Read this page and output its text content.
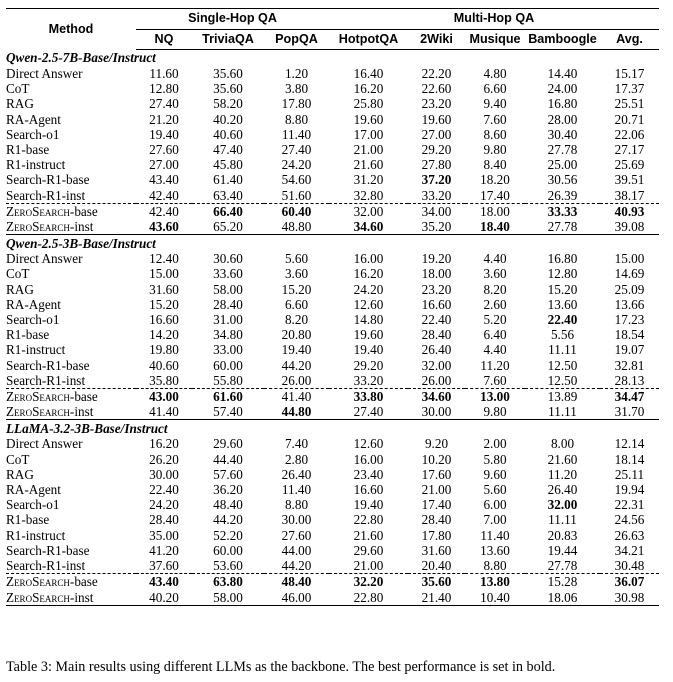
Method	Single-Hop QA			Multi-Hop QA				
	NQ	TriviaQA	PopQA	HotpotQA	2Wiki	Musique	Bamboogle	Avg.
Qwen-2.5-7B-Base/Instruct								
Direct Answer	11.60	35.60	1.20	16.40	22.20	4.80	14.40	15.17
CoT	12.80	35.60	3.80	16.20	22.60	6.60	24.00	17.37
RAG	27.40	58.20	17.80	25.80	23.20	9.40	16.80	25.51
RA-Agent	21.20	40.20	8.80	19.60	19.60	7.60	28.00	20.71
Search-o1	19.40	40.60	11.40	17.00	27.00	8.60	30.40	22.06
R1-base	27.60	47.40	27.40	21.00	29.20	9.80	27.78	27.17
R1-instruct	27.00	45.80	24.20	21.60	27.80	8.40	25.00	25.69
Search-R1-base	43.40	61.40	54.60	31.20	37.20	18.20	30.56	39.51
Search-R1-inst	42.40	63.40	51.60	32.80	33.20	17.40	26.39	38.17
ZeroSearch-base	42.40	66.40	60.40	32.00	34.00	18.00	33.33	40.93
ZeroSearch-inst	43.60	65.20	48.80	34.60	35.20	18.40	27.78	39.08
Qwen-2.5-3B-Base/Instruct								
Direct Answer	12.40	30.60	5.60	16.00	19.20	4.40	16.80	15.00
CoT	15.00	33.60	3.60	16.20	18.00	3.60	12.80	14.69
RAG	31.60	58.00	15.20	24.20	23.20	8.20	15.20	25.09
RA-Agent	15.20	28.40	6.60	12.60	16.60	2.60	13.60	13.66
Search-o1	16.60	31.00	8.20	14.80	22.40	5.20	22.40	17.23
R1-base	14.20	34.80	20.80	19.60	28.40	6.40	5.56	18.54
R1-instruct	19.80	33.00	19.40	19.40	26.40	4.40	11.11	19.07
Search-R1-base	40.60	60.00	44.20	29.20	32.00	11.20	12.50	32.81
Search-R1-inst	35.80	55.80	26.00	33.20	26.00	7.60	12.50	28.13
ZeroSearch-base	43.00	61.60	41.40	33.80	34.60	13.00	13.89	34.47
ZeroSearch-inst	41.40	57.40	44.80	27.40	30.00	9.80	11.11	31.70
LLaMA-3.2-3B-Base/Instruct								
Direct Answer	16.20	29.60	7.40	12.60	9.20	2.00	8.00	12.14
CoT	26.20	44.40	2.80	16.00	10.20	5.80	21.60	18.14
RAG	30.00	57.60	26.40	23.40	17.60	9.60	11.20	25.11
RA-Agent	22.40	36.20	11.40	16.60	21.00	5.60	26.40	19.94
Search-o1	24.20	48.40	8.80	19.40	17.40	6.00	32.00	22.31
R1-base	28.40	44.20	30.00	22.80	28.40	7.00	11.11	24.56
R1-instruct	35.00	52.20	27.60	21.60	17.80	11.40	20.83	26.63
Search-R1-base	41.20	60.00	44.00	29.60	31.60	13.60	19.44	34.21
Search-R1-inst	37.60	53.60	44.20	21.00	20.40	8.80	27.78	30.48
ZeroSearch-base	43.40	63.80	48.40	32.20	35.60	13.80	15.28	36.07
ZeroSearch-inst	40.20	58.00	46.00	22.80	21.40	10.40	18.06	30.98
Table 3: Main results using different LLMs as the backbone. The best performance is set in bold.
